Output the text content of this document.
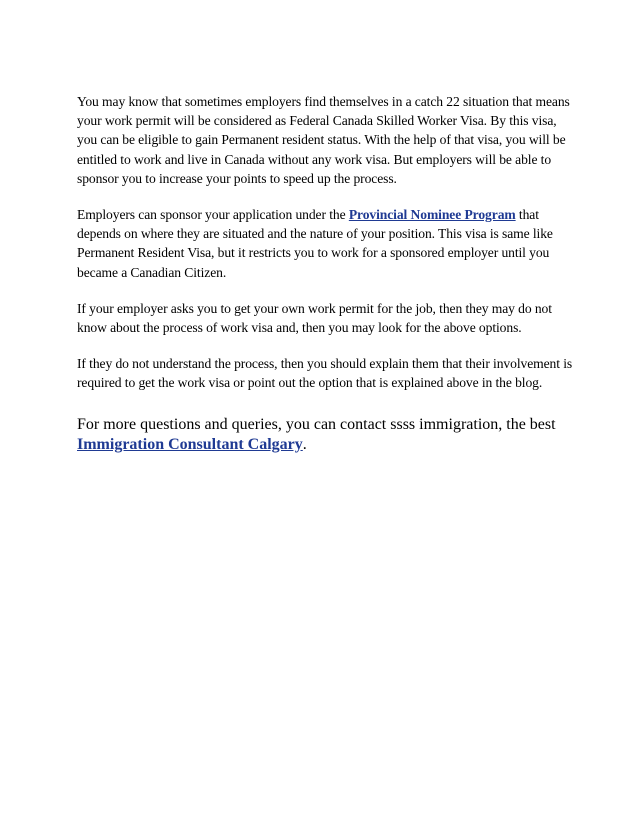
You may know that sometimes employers find themselves in a catch 22 situation that means your work permit will be considered as Federal Canada Skilled Worker Visa. By this visa, you can be eligible to gain Permanent resident status. With the help of that visa, you will be entitled to work and live in Canada without any work visa. But employers will be able to sponsor you to increase your points to speed up the process.

Employers can sponsor your application under the Provincial Nominee Program that depends on where they are situated and the nature of your position. This visa is same like Permanent Resident Visa, but it restricts you to work for a sponsored employer until you became a Canadian Citizen.

If your employer asks you to get your own work permit for the job, then they may do not know about the process of work visa and, then you may look for the above options.

If they do not understand the process, then you should explain them that their involvement is required to get the work visa or point out the option that is explained above in the blog.

For more questions and queries, you can contact ssss immigration, the best Immigration Consultant Calgary.
